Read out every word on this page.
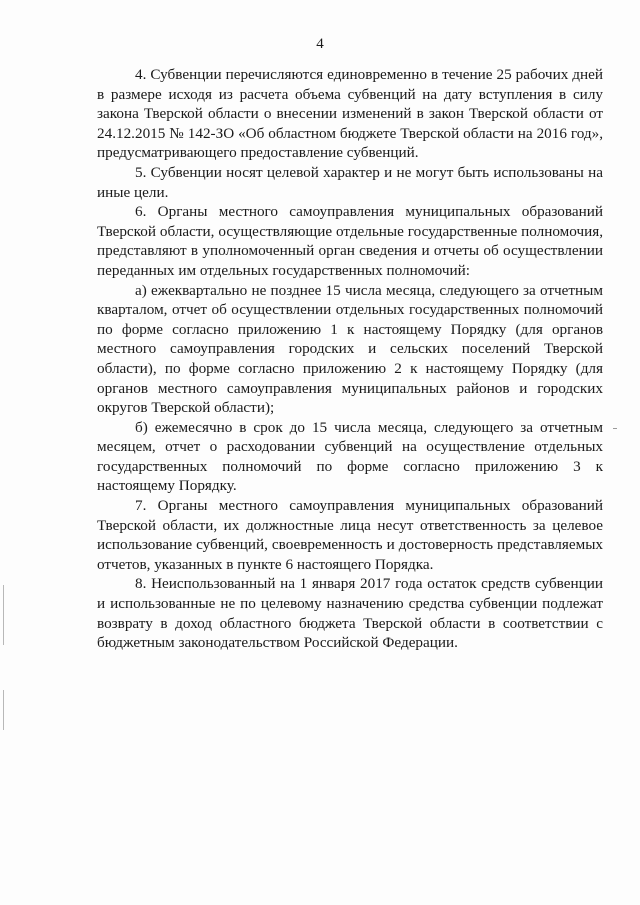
4

4. Субвенции перечисляются единовременно в течение 25 рабочих дней в размере исходя из расчета объема субвенций на дату вступления в силу закона Тверской области о внесении изменений в закон Тверской области от 24.12.2015 № 142-ЗО «Об областном бюджете Тверской области на 2016 год», предусматривающего предоставление субвенций.

5. Субвенции носят целевой характер и не могут быть использованы на иные цели.

6. Органы местного самоуправления муниципальных образований Тверской области, осуществляющие отдельные государственные полномочия, представляют в уполномоченный орган сведения и отчеты об осуществлении переданных им отдельных государственных полномочий:

а) ежеквартально не позднее 15 числа месяца, следующего за отчетным кварталом, отчет об осуществлении отдельных государственных полномочий по форме согласно приложению 1 к настоящему Порядку (для органов местного самоуправления городских и сельских поселений Тверской области), по форме согласно приложению 2 к настоящему Порядку (для органов местного самоуправления муниципальных районов и городских округов Тверской области);

б) ежемесячно в срок до 15 числа месяца, следующего за отчетным месяцем, отчет о расходовании субвенций на осуществление отдельных государственных полномочий по форме согласно приложению 3 к настоящему Порядку.

7. Органы местного самоуправления муниципальных образований Тверской области, их должностные лица несут ответственность за целевое использование субвенций, своевременность и достоверность представляемых отчетов, указанных в пункте 6 настоящего Порядка.

8. Неиспользованный на 1 января 2017 года остаток средств субвенции и использованные не по целевому назначению средства субвенции подлежат возврату в доход областного бюджета Тверской области в соответствии с бюджетным законодательством Российской Федерации.
